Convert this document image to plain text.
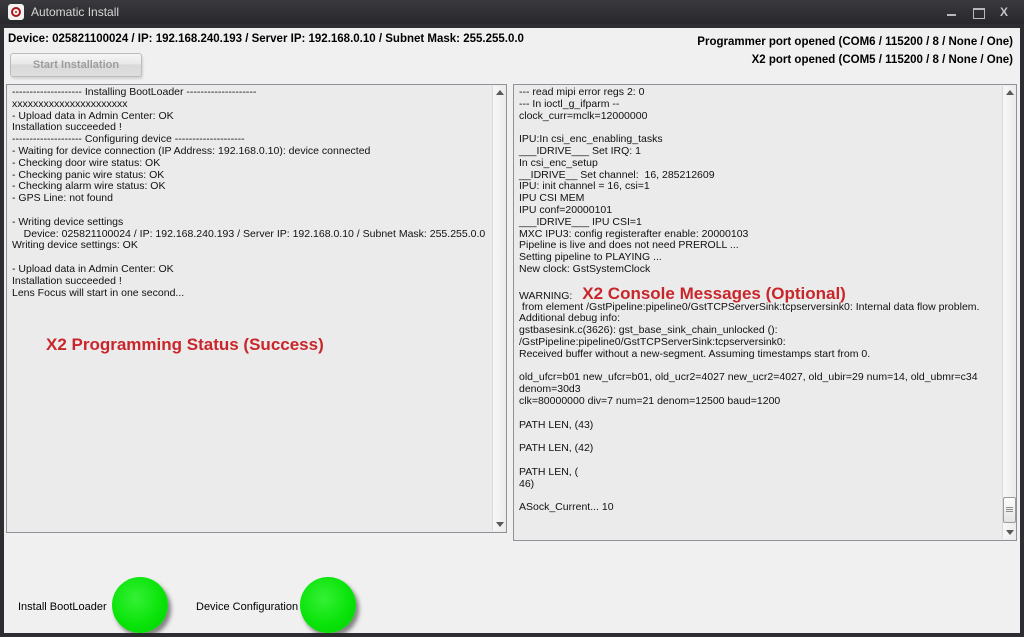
Automatic Install	X
Device: 025821100024 / IP: 192.168.240.193 / Server IP: 192.168.0.10 / Subnet Mask: 255.255.0.0	Programmer port opened (COM6 / 115200 / 8 / None / One)
X2 port opened (COM5 / 115200 / 8 / None / One)
Start Installation
-------------------- Installing BootLoader --------------------
xxxxxxxxxxxxxxxxxxxxxx
- Upload data in Admin Center: OK
Installation succeeded !
-------------------- Configuring device --------------------
- Waiting for device connection (IP Address: 192.168.0.10): device connected
- Checking door wire status: OK
- Checking panic wire status: OK
- Checking alarm wire status: OK
- GPS Line: not found

- Writing device settings
Device: 025821100024 / IP: 192.168.240.193 / Server IP: 192.168.0.10 / Subnet Mask: 255.255.0.0
Writing device settings: OK

- Upload data in Admin Center: OK
Installation succeeded !
Lens Focus will start in one second...
X2 Programming Status (Success)
--- read mipi error regs 2: 0
--- In ioctl_g_ifparm --
clock_curr=mclk=12000000

IPU:In csi_enc_enabling_tasks
___IDRIVE___ Set IRQ: 1
In csi_enc_setup
__IDRIVE__ Set channel:  16, 285212609
IPU: init channel = 16, csi=1
IPU CSI MEM
IPU conf=20000101
___IDRIVE___ IPU CSI=1
MXC IPU3: config registerafter enable: 20000103
Pipeline is live and does not need PREROLL ...
Setting pipeline to PLAYING ...
New clock: GstSystemClock

WARNING: X2 Console Messages (Optional)
from element /GstPipeline:pipeline0/GstTCPServerSink:tcpserversink0: Internal data flow problem.
Additional debug info:
gstbasesink.c(3626): gst_base_sink_chain_unlocked ():
/GstPipeline:pipeline0/GstTCPServerSink:tcpserversink0:
Received buffer without a new-segment. Assuming timestamps start from 0.

old_ufcr=b01 new_ufcr=b01, old_ucr2=4027 new_ucr2=4027, old_ubir=29 num=14, old_ubmr=c34
denom=30d3
clk=80000000 div=7 num=21 denom=12500 baud=1200

PATH LEN, (43)

PATH LEN, (42)

PATH LEN, (
46)

ASock_Current... 10
Install BootLoader	Device Configuration
